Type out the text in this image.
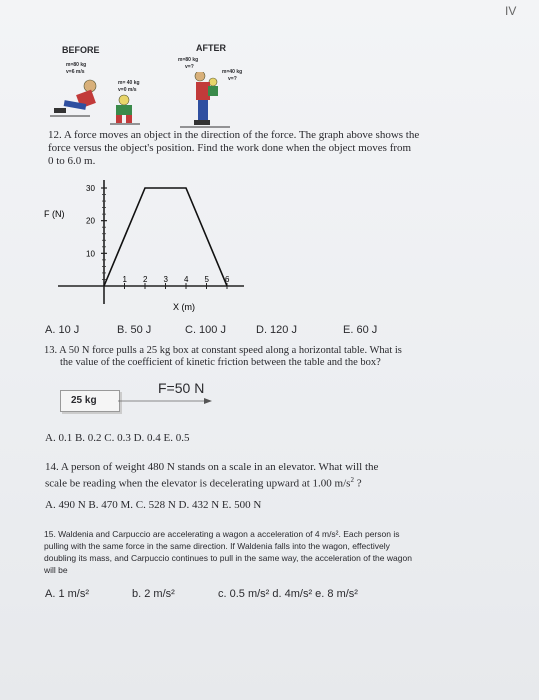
IV
BEFORE	AFTER
m=80 kg
v=6 m/s
m= 40 kg
v=0 m/s
m=80 kg
v=?
m=40 kg
v=?
12. A force moves an object in the direction of the force. The graph above shows the
force versus the object's position. Find the work done when the object moves from
0 to 6.0 m.
F (N)
X (m)
10
20
30
1 2 3 4 5 6
A. 10 J	B. 50 J	C. 100 J	D. 120 J	E. 60 J
13. A 50 N force pulls a 25 kg box at constant speed along a horizontal table. What is
the value of the coefficient of kinetic friction between the table and the box?
F=50 N
25 kg
A. 0.1 B. 0.2 C. 0.3 D. 0.4 E. 0.5
14. A person of weight 480 N stands on a scale in an elevator. What will the
scale be reading when the elevator is decelerating upward at 1.00 $m/s^2$ ?
A. 490 N B. 470 M. C. 528 N D. 432 N E. 500 N
15. Waldenia and Carpuccio are accelerating a wagon a acceleration of 4 m/s². Each person is
pulling with the same force in the same direction. If Waldenia falls into the wagon, effectively
doubling its mass, and Carpuccio continues to pull in the same way, the acceleration of the wagon
will be
A. 1 m/s²	b. 2 m/s²	c. 0.5 m/s² d. 4m/s² e. 8 m/s²
